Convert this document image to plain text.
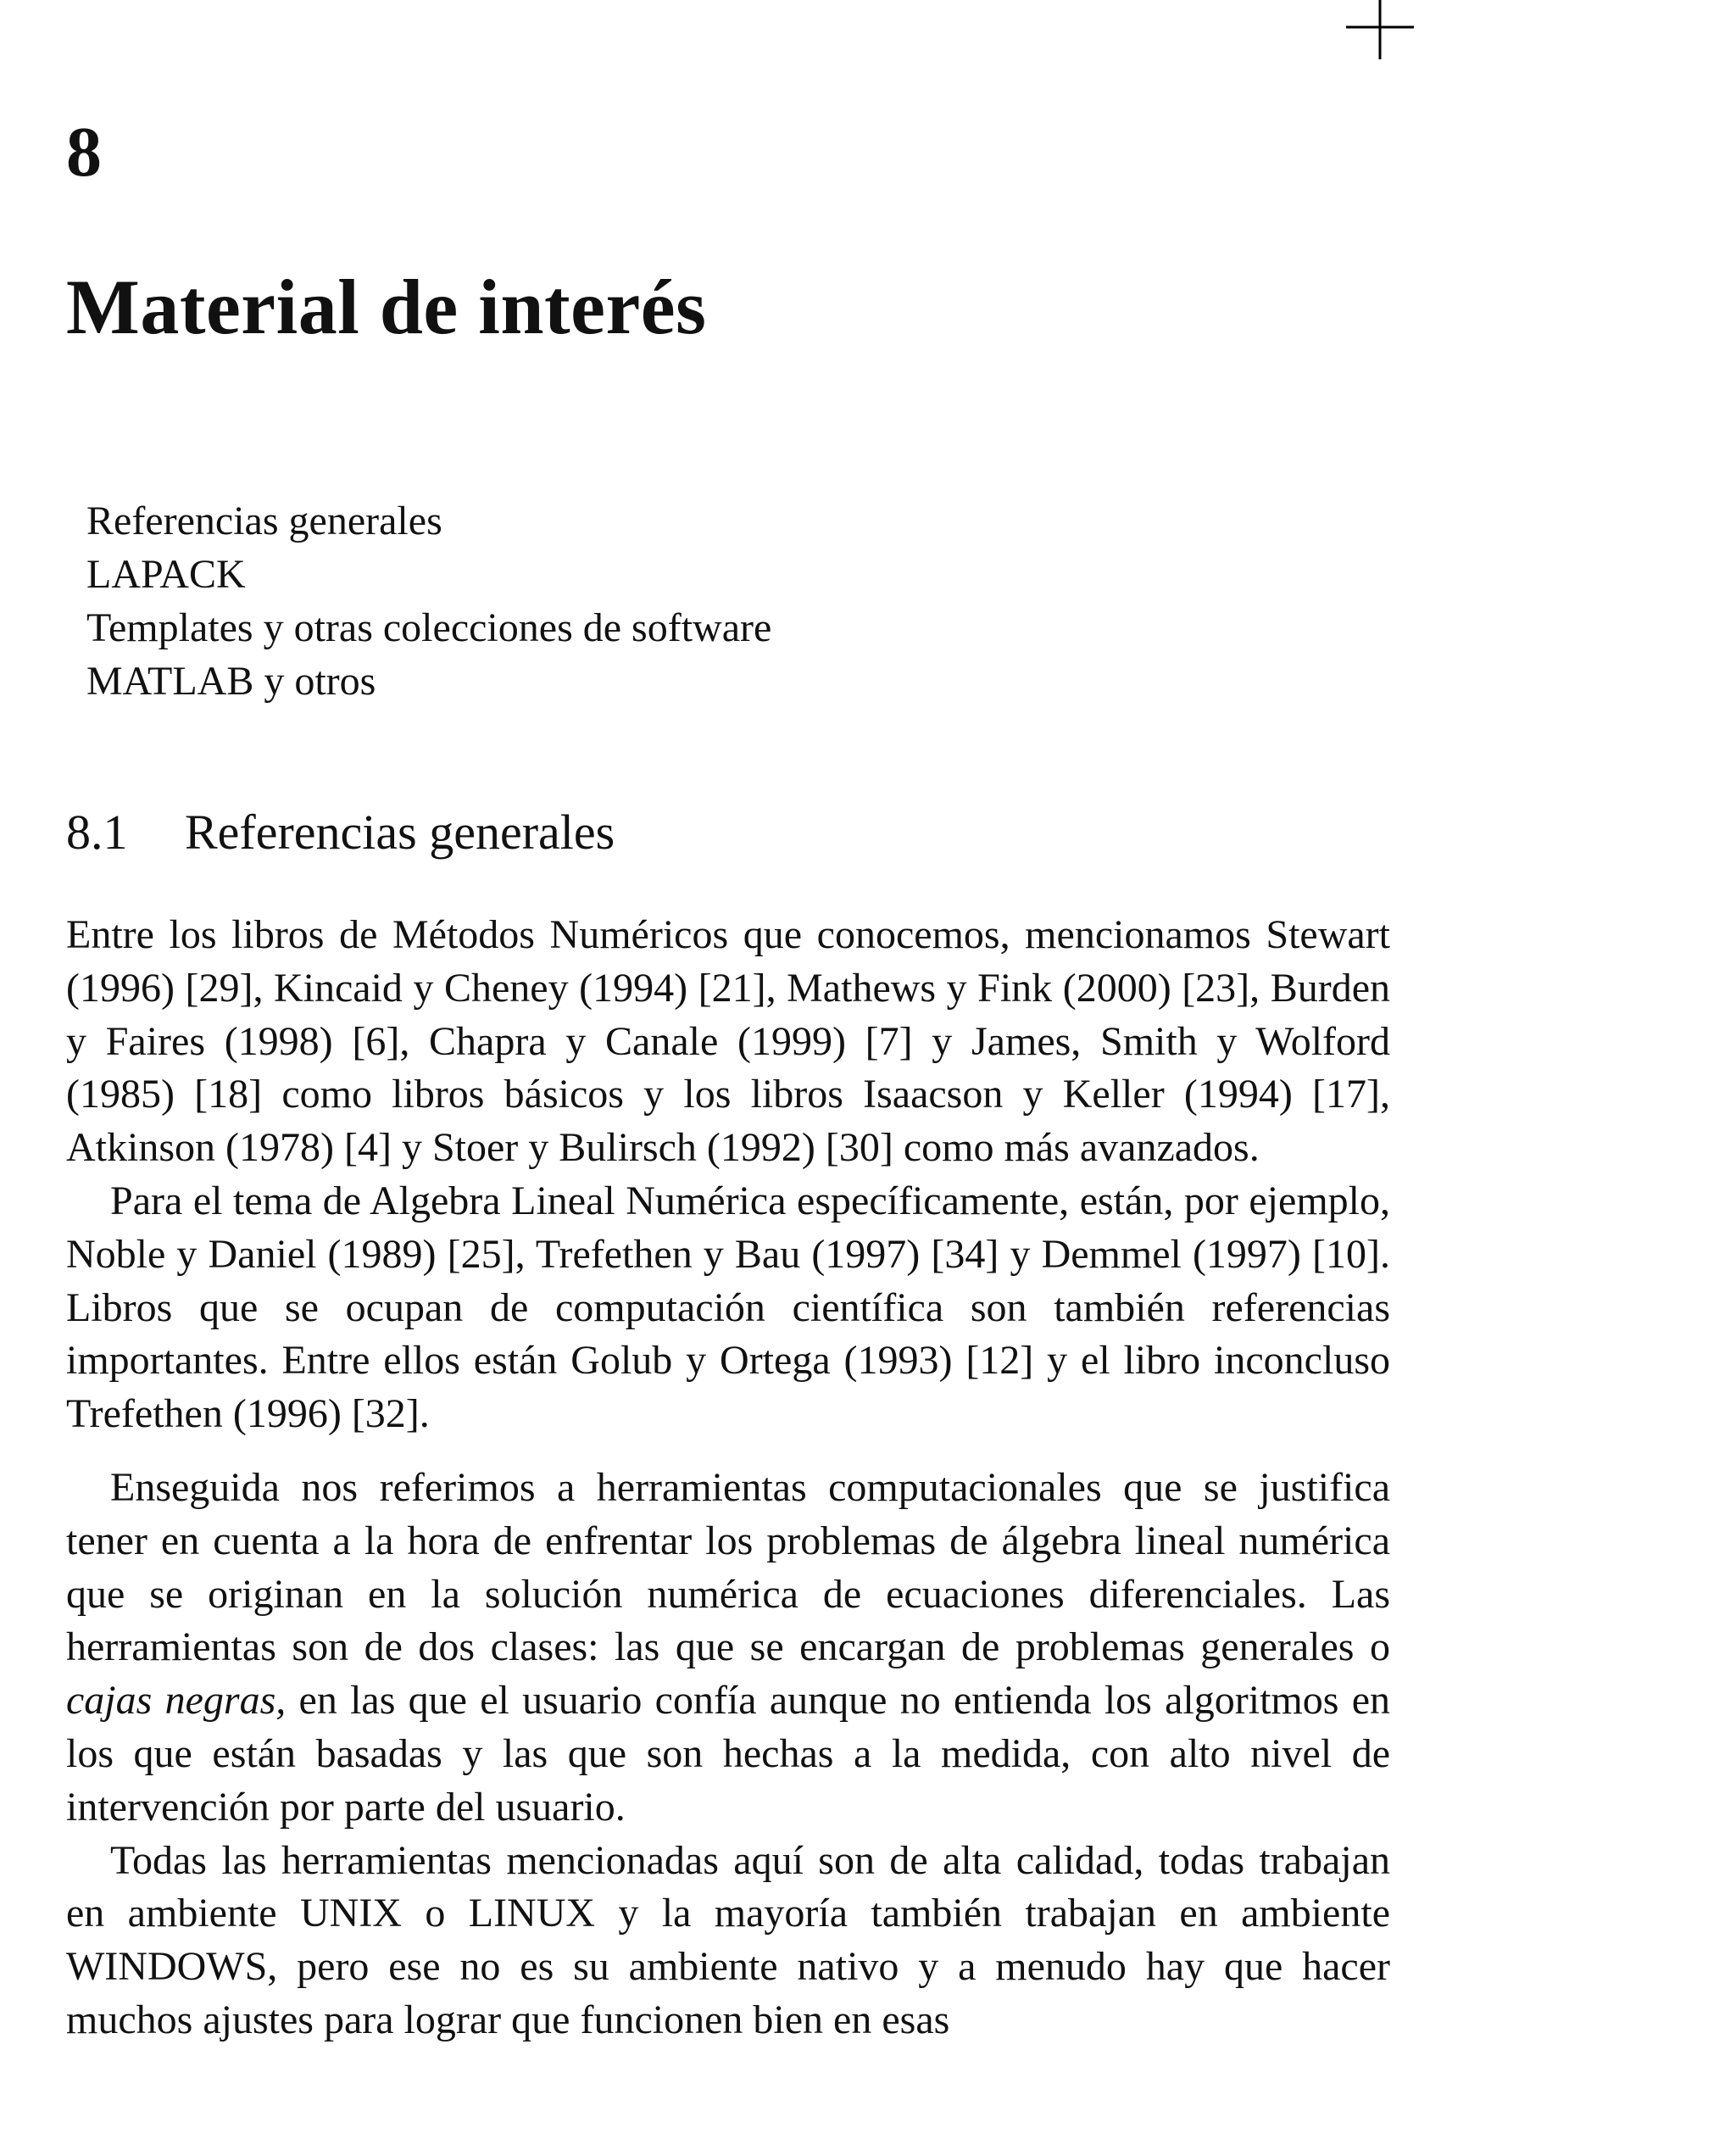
8
Material de interés
Referencias generales
LAPACK
Templates y otras colecciones de software
MATLAB y otros
8.1 Referencias generales

Entre los libros de Métodos Numéricos que conocemos, mencionamos Stewart (1996) [29], Kincaid y Cheney (1994) [21], Mathews y Fink (2000) [23], Burden y Faires (1998) [6], Chapra y Canale (1999) [7] y James, Smith y Wolford (1985) [18] como libros básicos y los libros Isaacson y Keller (1994) [17], Atkinson (1978) [4] y Stoer y Bulirsch (1992) [30] como más avanzados.

Para el tema de Algebra Lineal Numérica específicamente, están, por ejemplo, Noble y Daniel (1989) [25], Trefethen y Bau (1997) [34] y Demmel (1997) [10]. Libros que se ocupan de computación científica son también referencias importantes. Entre ellos están Golub y Ortega (1993) [12] y el libro inconcluso Trefethen (1996) [32].

Enseguida nos referimos a herramientas computacionales que se justifica tener en cuenta a la hora de enfrentar los problemas de álgebra lineal numérica que se originan en la solución numérica de ecuaciones diferenciales. Las herramientas son de dos clases: las que se encargan de problemas generales o cajas negras, en las que el usuario confía aunque no entienda los algoritmos en los que están basadas y las que son hechas a la medida, con alto nivel de intervención por parte del usuario.

Todas las herramientas mencionadas aquí son de alta calidad, todas trabajan en ambiente UNIX o LINUX y la mayoría también trabajan en ambiente WINDOWS, pero ese no es su ambiente nativo y a menudo hay que hacer muchos ajustes para lograr que funcionen bien en esas
